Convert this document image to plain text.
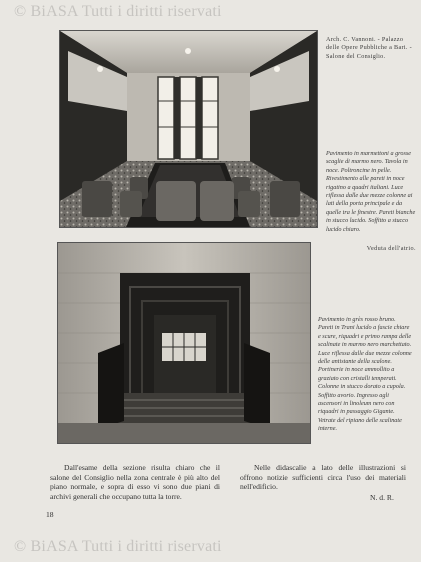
© BiASA Tutti i diritti riservati
Arch. C. Vannoni. - Palazzo delle Opere Pubbliche a Bari. - Salone del Consiglio.
Pavimento in marmettoni a grosse scaglie di marmo nero. Tavola in noce. Poltroncine in pelle. Rivestimento alle pareti in noce rigatino a quadri italiani. Luce riflessa dalle due mezze colonne ai lati della porta principale e da quelle tra le finestre. Pareti bianche in stucco lucido. Soffitto a stucco lucido chiaro.
Veduta dell'atrio.
Pavimento in grès rosso bruno. Pareti in Trani lucido a fascie chiare e scure, riquadri e primo rampa delle scalinate in marmo nero marchettato. Luce riflessa dalle due mezze colonne delle antistante della scalone. Portinerie in noce ammollito a graziato con cristalli temperati. Colonne in stucco dorato a cupola. Soffitto avorio. Ingresso agli ascensori in linoleum nero con riquadri in passaggio Gigante. Vetrate del ripiano delle scalinate interne.
Dall'esame della sezione risulta chiaro che il salone del Consiglio nella zona centrale è più alto del piano normale, e sopra di esso vi sono due piani di archivi generali che occupano tutta la torre.
Nelle didascalie a lato delle illustrazioni si offrono notizie sufficienti circa l'uso dei materiali nell'edificio.
N. d. R.
18
© BiASA Tutti i diritti riservati
